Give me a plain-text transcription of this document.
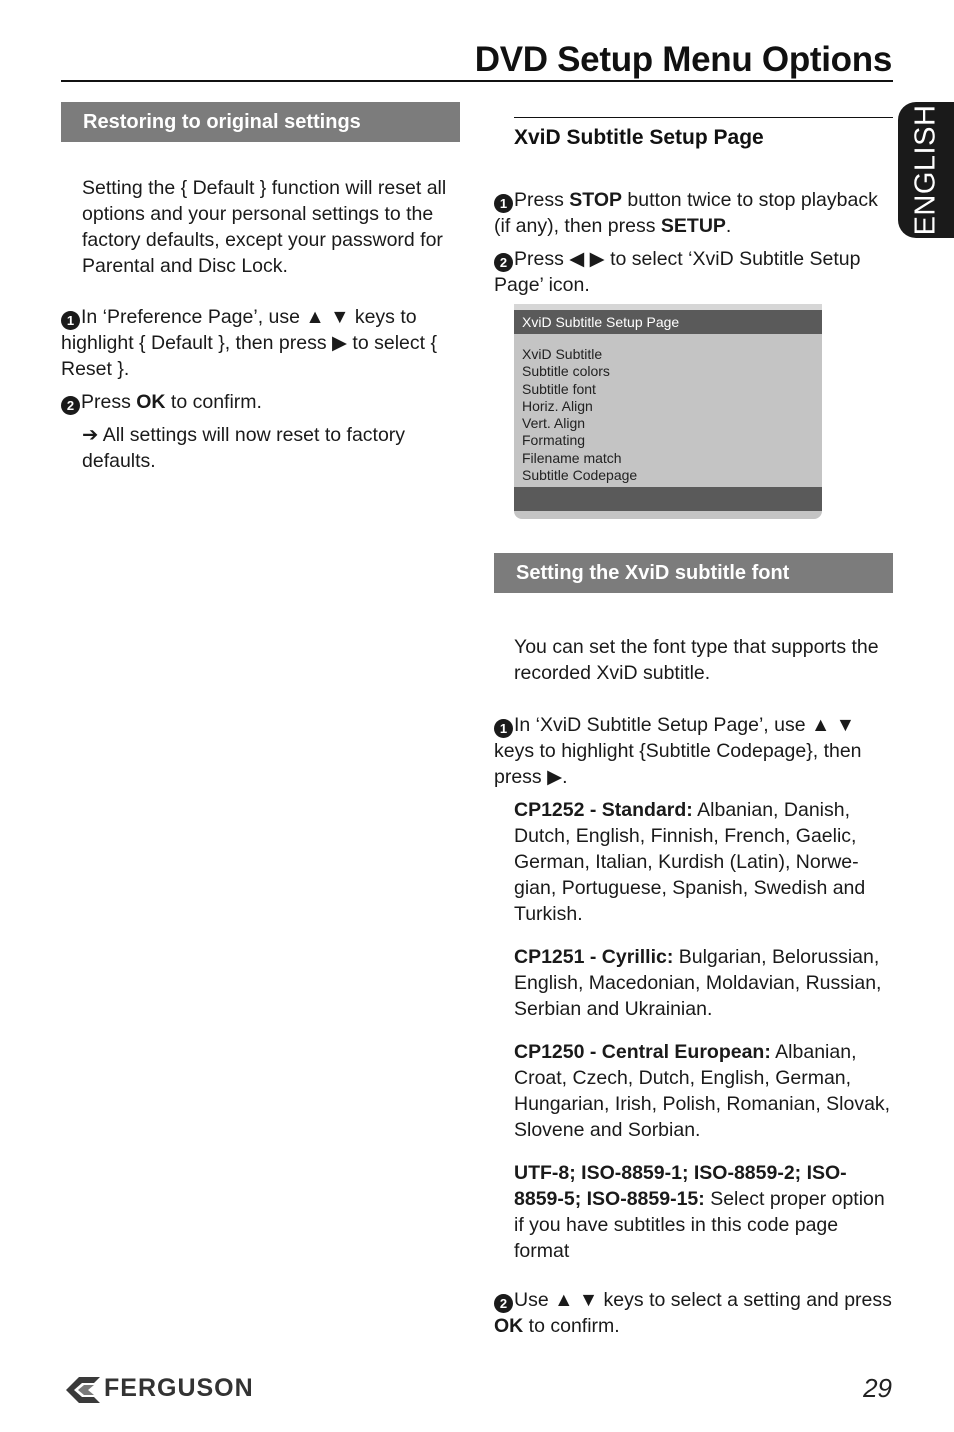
DVD Setup Menu Options
ENGLISH
Restoring to original settings
Setting the { Default } function will reset all options and your personal settings to the factory defaults, except your password for Parental and Disc Lock.
1 In ‘Preference Page’, use ▲ ▼ keys to highlight { Default }, then press ▶ to select { Reset }.
2 Press OK to confirm.
➔ All settings will now reset to factory defaults.
XviD Subtitle Setup Page
1 Press STOP button twice to stop playback (if any), then press SETUP.
2 Press ◀ ▶ to select ‘XviD Subtitle Setup Page’ icon.
XviD Subtitle Setup Page
XviD Subtitle
Subtitle colors
Subtitle font
Horiz. Align
Vert. Align
Formating
Filename match
Subtitle Codepage
Setting the XviD subtitle font
You can set the font type that supports the recorded XviD subtitle.
1 In ‘XviD Subtitle Setup Page’, use ▲ ▼ keys to highlight {Subtitle Codepage}, then press ▶.
CP1252 - Standard: Albanian, Danish, Dutch, English, Finnish, French, Gaelic, German, Italian, Kurdish (Latin), Norwe-gian, Portuguese, Spanish, Swedish and Turkish.
CP1251 - Cyrillic: Bulgarian, Belorussian, English, Macedonian, Moldavian, Russian, Serbian and Ukrainian.
CP1250 - Central European: Albanian, Croat, Czech, Dutch, English, German, Hungarian, Irish, Polish, Romanian, Slovak, Slovene and Sorbian.
UTF-8; ISO-8859-1; ISO-8859-2; ISO-8859-5; ISO-8859-15: Select proper option if you have subtitles in this code page format
2 Use ▲ ▼ keys to select a setting and press OK to confirm.
FERGUSON	29
